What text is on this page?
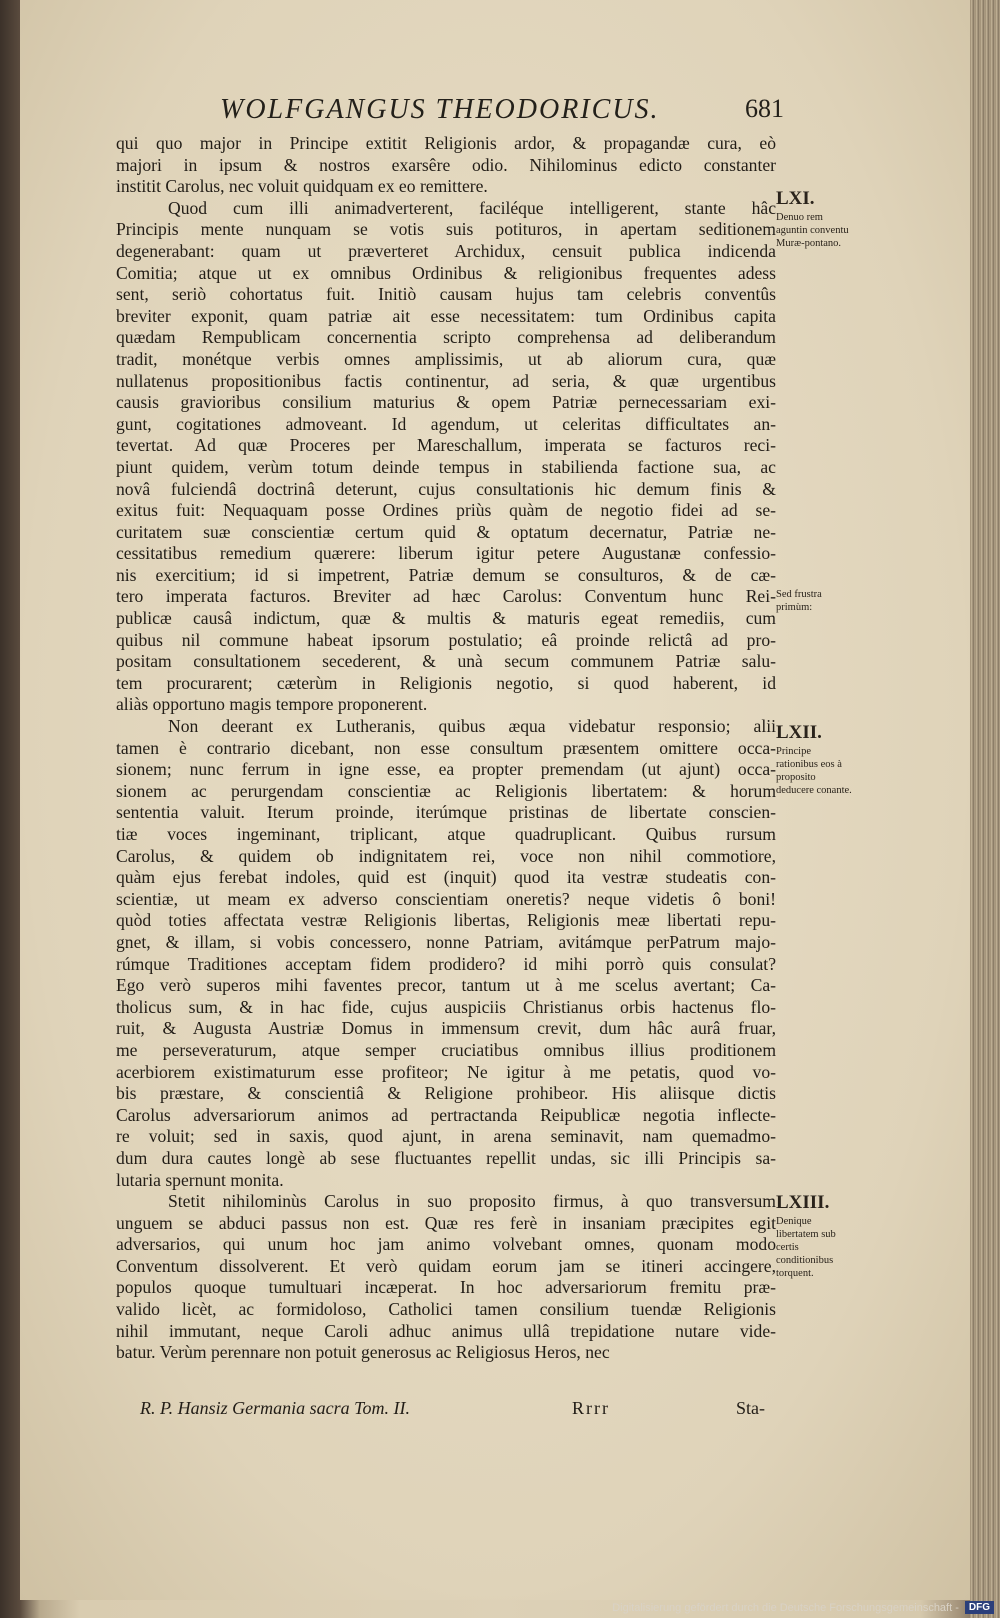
WOLFGANGUS THEODORICUS.	681
qui quo major in Principe extitit Religionis ardor, & propagandæ cura, eò
majori in ipsum & nostros exarsêre odio. Nihilominus edicto constanter
institit Carolus, nec voluit quidquam ex eo remittere.
Quod cum illi animadverterent, faciléque intelligerent, stante hâc
Principis mente nunquam se votis suis potituros, in apertam seditionem
degenerabant: quam ut præverteret Archidux, censuit publica indicenda
Comitia; atque ut ex omnibus Ordinibus & religionibus frequentes adess
sent, seriò cohortatus fuit. Initiò causam hujus tam celebris conventûs
breviter exponit, quam patriæ ait esse necessitatem: tum Ordinibus capita
quædam Rempublicam concernentia scripto comprehensa ad deliberandum
tradit, monétque verbis omnes amplissimis, ut ab aliorum cura, quæ
nullatenus propositionibus factis continentur, ad seria, & quæ urgentibus
causis gravioribus consilium maturius & opem Patriæ pernecessariam exi-
gunt, cogitationes admoveant. Id agendum, ut celeritas difficultates an-
tevertat. Ad quæ Proceres per Mareschallum, imperata se facturos reci-
piunt quidem, verùm totum deinde tempus in stabilienda factione sua, ac
novâ fulciendâ doctrinâ deterunt, cujus consultationis hic demum finis &
exitus fuit: Nequaquam posse Ordines priùs quàm de negotio fidei ad se-
curitatem suæ conscientiæ certum quid & optatum decernatur, Patriæ ne-
cessitatibus remedium quærere: liberum igitur petere Augustanæ confessio-
nis exercitium; id si impetrent, Patriæ demum se consulturos, & de cæ-
tero imperata facturos. Breviter ad hæc Carolus: Conventum hunc Rei-
publicæ causâ indictum, quæ & multis & maturis egeat remediis, cum
quibus nil commune habeat ipsorum postulatio; eâ proinde relictâ ad pro-
positam consultationem secederent, & unà secum communem Patriæ salu-
tem procurarent; cæterùm in Religionis negotio, si quod haberent, id
aliàs opportuno magis tempore proponerent.
Non deerant ex Lutheranis, quibus æqua videbatur responsio; alii
tamen è contrario dicebant, non esse consultum præsentem omittere occa-
sionem; nunc ferrum in igne esse, ea propter premendam (ut ajunt) occa-
sionem ac perurgendam conscientiæ ac Religionis libertatem: & horum
sententia valuit. Iterum proinde, iterúmque pristinas de libertate conscien-
tiæ voces ingeminant, triplicant, atque quadruplicant. Quibus rursum
Carolus, & quidem ob indignitatem rei, voce non nihil commotiore,
quàm ejus ferebat indoles, quid est (inquit) quod ita vestræ studeatis con-
scientiæ, ut meam ex adverso conscientiam oneretis? neque videtis ô boni!
quòd toties affectata vestræ Religionis libertas, Religionis meæ libertati repu-
gnet, & illam, si vobis concessero, nonne Patriam, avitámque perPatrum majo-
rúmque Traditiones acceptam fidem prodidero? id mihi porrò quis consulat?
Ego verò superos mihi faventes precor, tantum ut à me scelus avertant; Ca-
tholicus sum, & in hac fide, cujus auspiciis Christianus orbis hactenus flo-
ruit, & Augusta Austriæ Domus in immensum crevit, dum hâc aurâ fruar,
me perseveraturum, atque semper cruciatibus omnibus illius proditionem
acerbiorem existimaturum esse profiteor; Ne igitur à me petatis, quod vo-
bis præstare, & conscientiâ & Religione prohibeor. His aliisque dictis
Carolus adversariorum animos ad pertractanda Reipublicæ negotia inflecte-
re voluit; sed in saxis, quod ajunt, in arena seminavit, nam quemadmo-
dum dura cautes longè ab sese fluctuantes repellit undas, sic illi Principis sa-
lutaria spernunt monita.
Stetit nihilominùs Carolus in suo proposito firmus, à quo transversum
unguem se abduci passus non est. Quæ res ferè in insaniam præcipites egit
adversarios, qui unum hoc jam animo volvebant omnes, quonam modo
Conventum dissolverent. Et verò quidam eorum jam se itineri accingere,
populos quoque tumultuari incæperat. In hoc adversariorum fremitu præ-
valido licèt, ac formidoloso, Catholici tamen consilium tuendæ Religionis
nihil immutant, neque Caroli adhuc animus ullâ trepidatione nutare vide-
batur. Verùm perennare non potuit generosus ac Religiosus Heros, nec
LXI.
Denuo rem aguntin conventu Muræ-pontano.
Sed frustra primùm:
LXII.
Principe rationibus eos à proposito deducere conante.
LXIII.
Denique libertatem sub certis conditionibus torquent.
R. P. Hansiz Germania sacra Tom. II.	Rrrr	Sta-
Digitalisierung gefördert durch die Deutsche Forschungsgemeinschaft -	DFG
